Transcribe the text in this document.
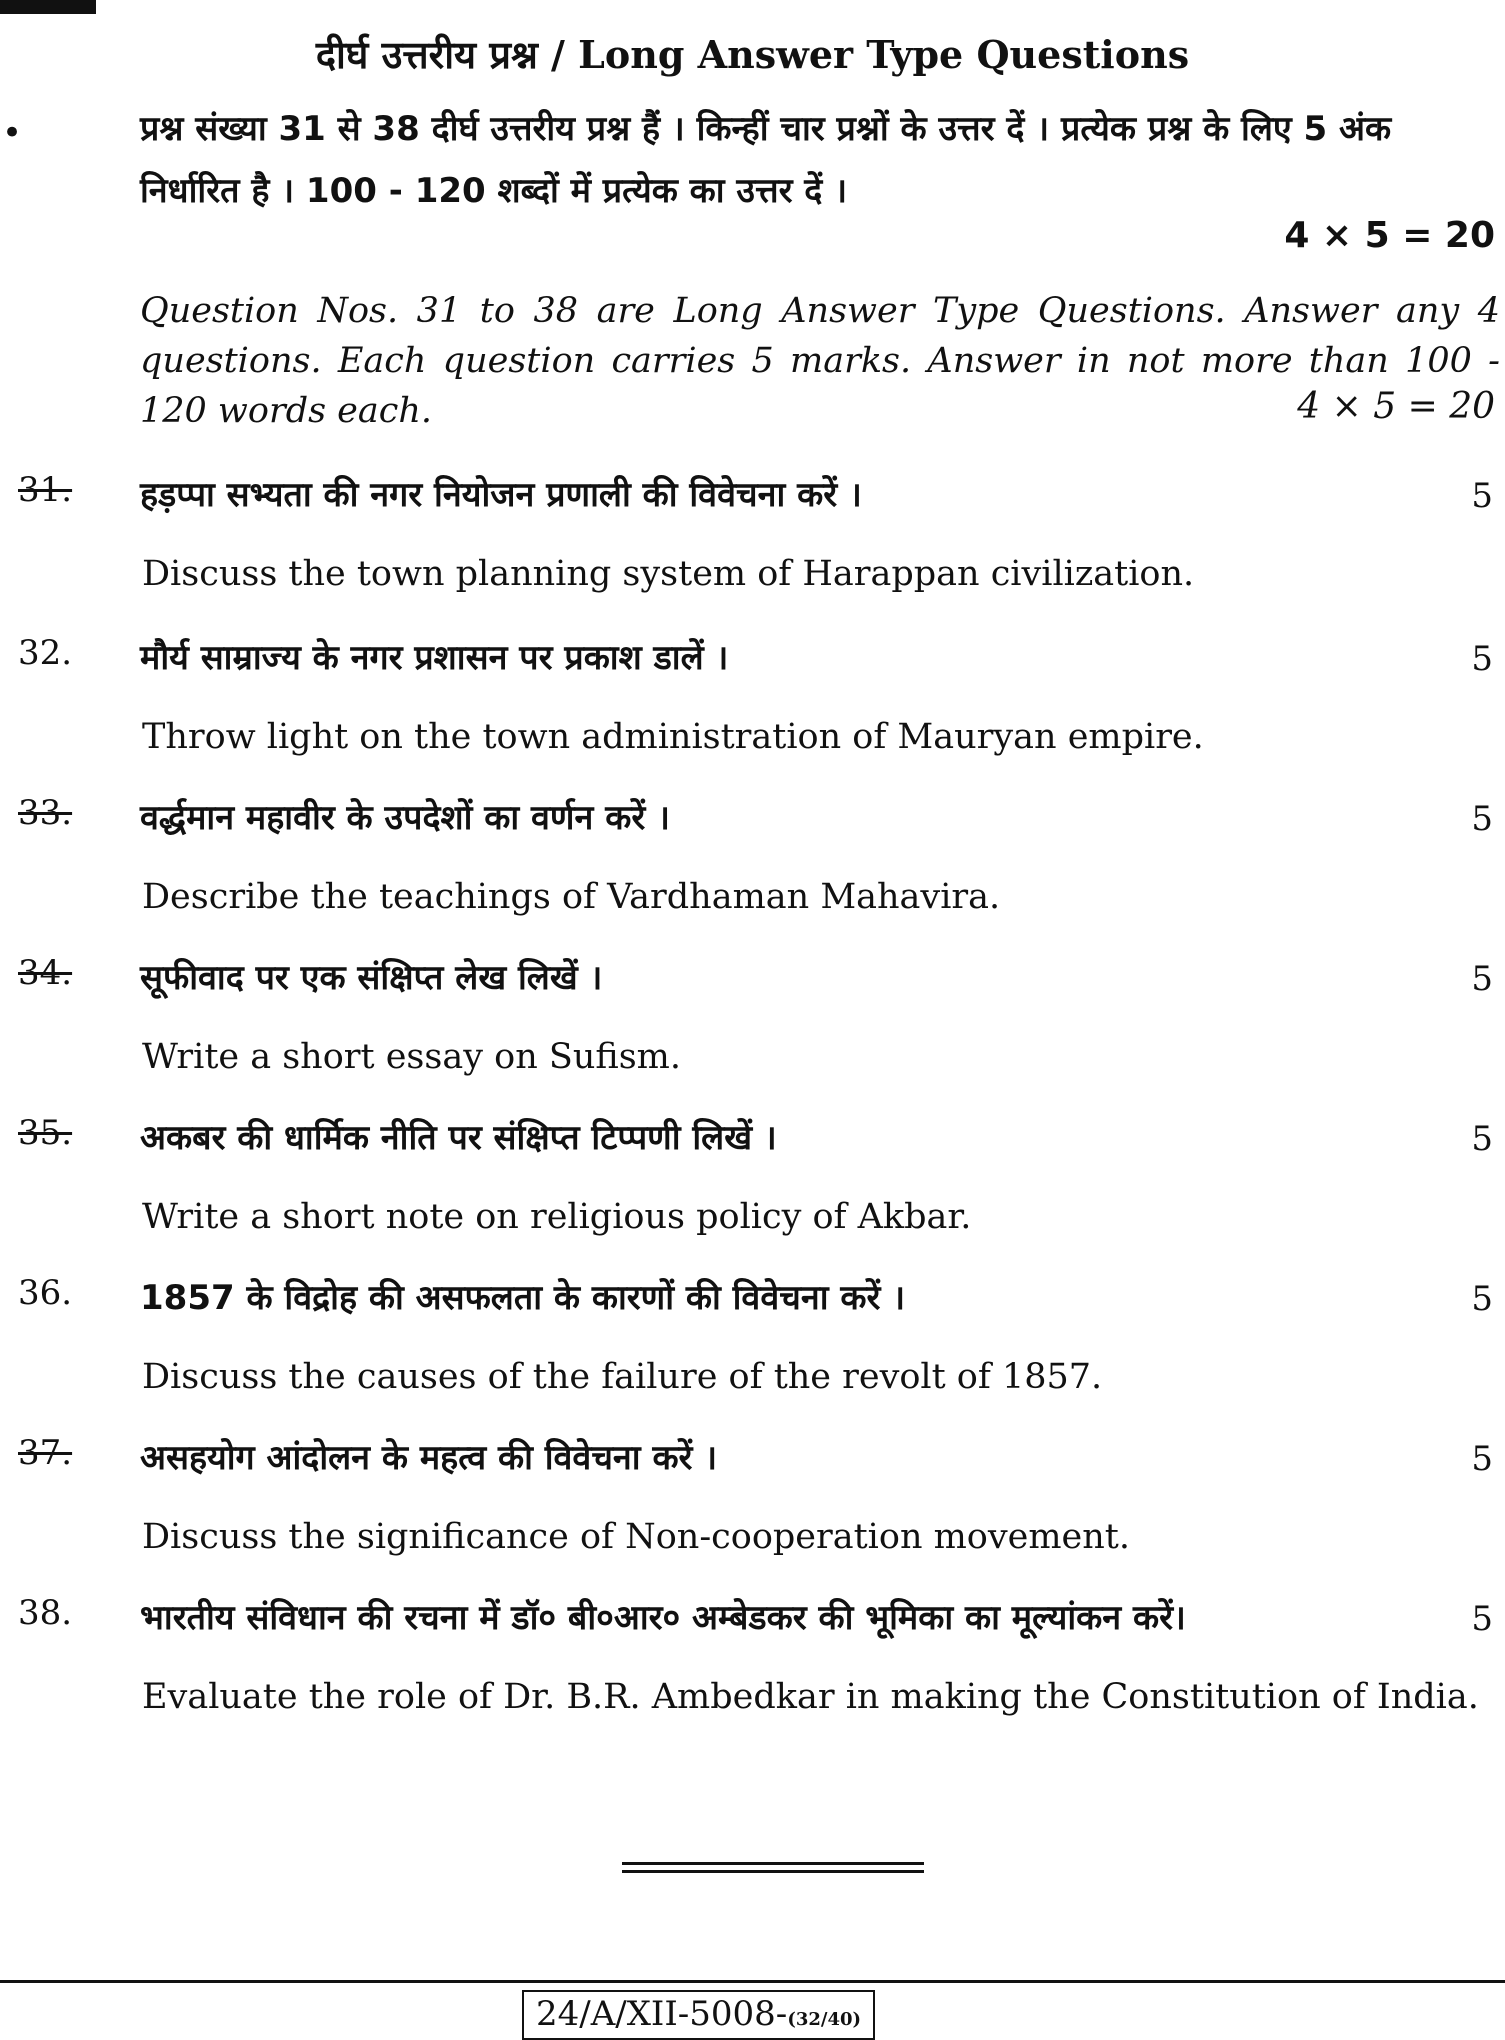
•
दीर्घ उत्तरीय प्रश्न / Long Answer Type Questions
प्रश्न संख्या 31 से 38 दीर्घ उत्तरीय प्रश्न हैं । किन्हीं चार प्रश्नों के उत्तर दें । प्रत्येक प्रश्न के लिए 5 अंक निर्धारित है । 100 - 120 शब्दों में प्रत्येक का उत्तर दें ।
4 × 5 = 20
Question Nos. 31 to 38 are Long Answer Type Questions. Answer any 4 questions. Each question carries 5 marks. Answer in not more than 100 - 120 words each.	4 × 5 = 20
31. हड़प्पा सभ्यता की नगर नियोजन प्रणाली की विवेचना करें ।	5
Discuss the town planning system of Harappan civilization.
32. मौर्य साम्राज्य के नगर प्रशासन पर प्रकाश डालें ।	5
Throw light on the town administration of Mauryan empire.
33. वर्द्धमान महावीर के उपदेशों का वर्णन करें ।	5
Describe the teachings of Vardhaman Mahavira.
34. सूफीवाद पर एक संक्षिप्त लेख लिखें ।	5
Write a short essay on Sufism.
35. अकबर की धार्मिक नीति पर संक्षिप्त टिप्पणी लिखें ।	5
Write a short note on religious policy of Akbar.
36. 1857 के विद्रोह की असफलता के कारणों की विवेचना करें ।	5
Discuss the causes of the failure of the revolt of 1857.
37. असहयोग आंदोलन के महत्व की विवेचना करें ।	5
Discuss the significance of Non-cooperation movement.
38. भारतीय संविधान की रचना में डॉ० बी०आर० अम्बेडकर की भूमिका का मूल्यांकन करें।	5
Evaluate the role of Dr. B.R. Ambedkar in making the Constitution of India.
24/A/XII-5008-(32/40)
